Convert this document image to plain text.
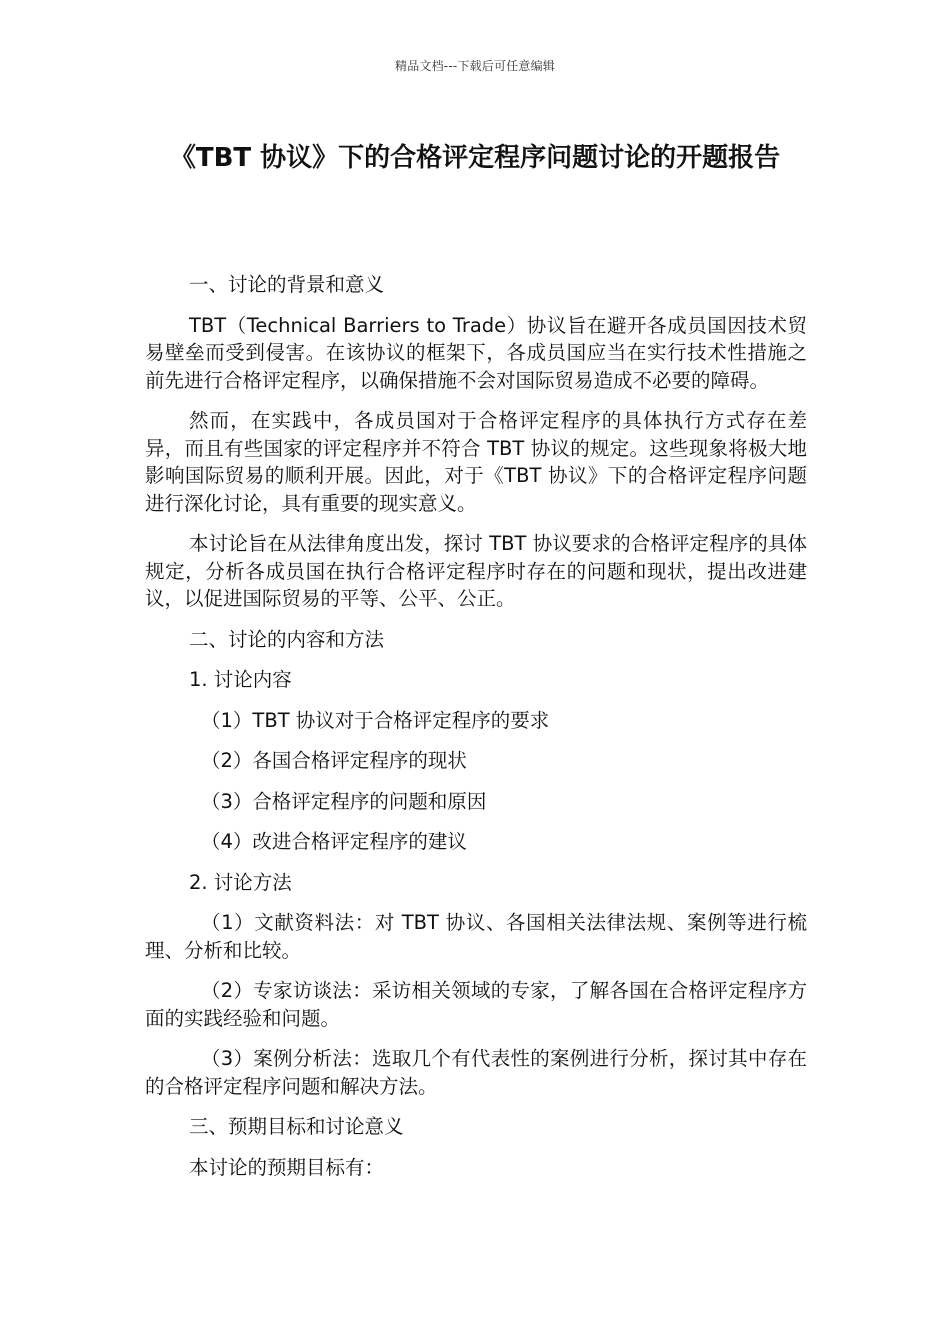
精品文档---下载后可任意编辑
《TBT 协议》下的合格评定程序问题讨论的开题报告

一、讨论的背景和意义

TBT（Technical Barriers to Trade）协议旨在避开各成员国因技术贸易壁垒而受到侵害。在该协议的框架下，各成员国应当在实行技术性措施之前先进行合格评定程序，以确保措施不会对国际贸易造成不必要的障碍。

然而，在实践中，各成员国对于合格评定程序的具体执行方式存在差异，而且有些国家的评定程序并不符合 TBT 协议的规定。这些现象将极大地影响国际贸易的顺利开展。因此，对于《TBT 协议》下的合格评定程序问题进行深化讨论，具有重要的现实意义。

本讨论旨在从法律角度出发，探讨 TBT 协议要求的合格评定程序的具体规定，分析各成员国在执行合格评定程序时存在的问题和现状，提出改进建议，以促进国际贸易的平等、公平、公正。

二、讨论的内容和方法

1. 讨论内容

（1）TBT 协议对于合格评定程序的要求

（2）各国合格评定程序的现状

（3）合格评定程序的问题和原因

（4）改进合格评定程序的建议

2. 讨论方法

（1）文献资料法：对 TBT 协议、各国相关法律法规、案例等进行梳理、分析和比较。

（2）专家访谈法：采访相关领域的专家，了解各国在合格评定程序方面的实践经验和问题。

（3）案例分析法：选取几个有代表性的案例进行分析，探讨其中存在的合格评定程序问题和解决方法。

三、预期目标和讨论意义

本讨论的预期目标有：
